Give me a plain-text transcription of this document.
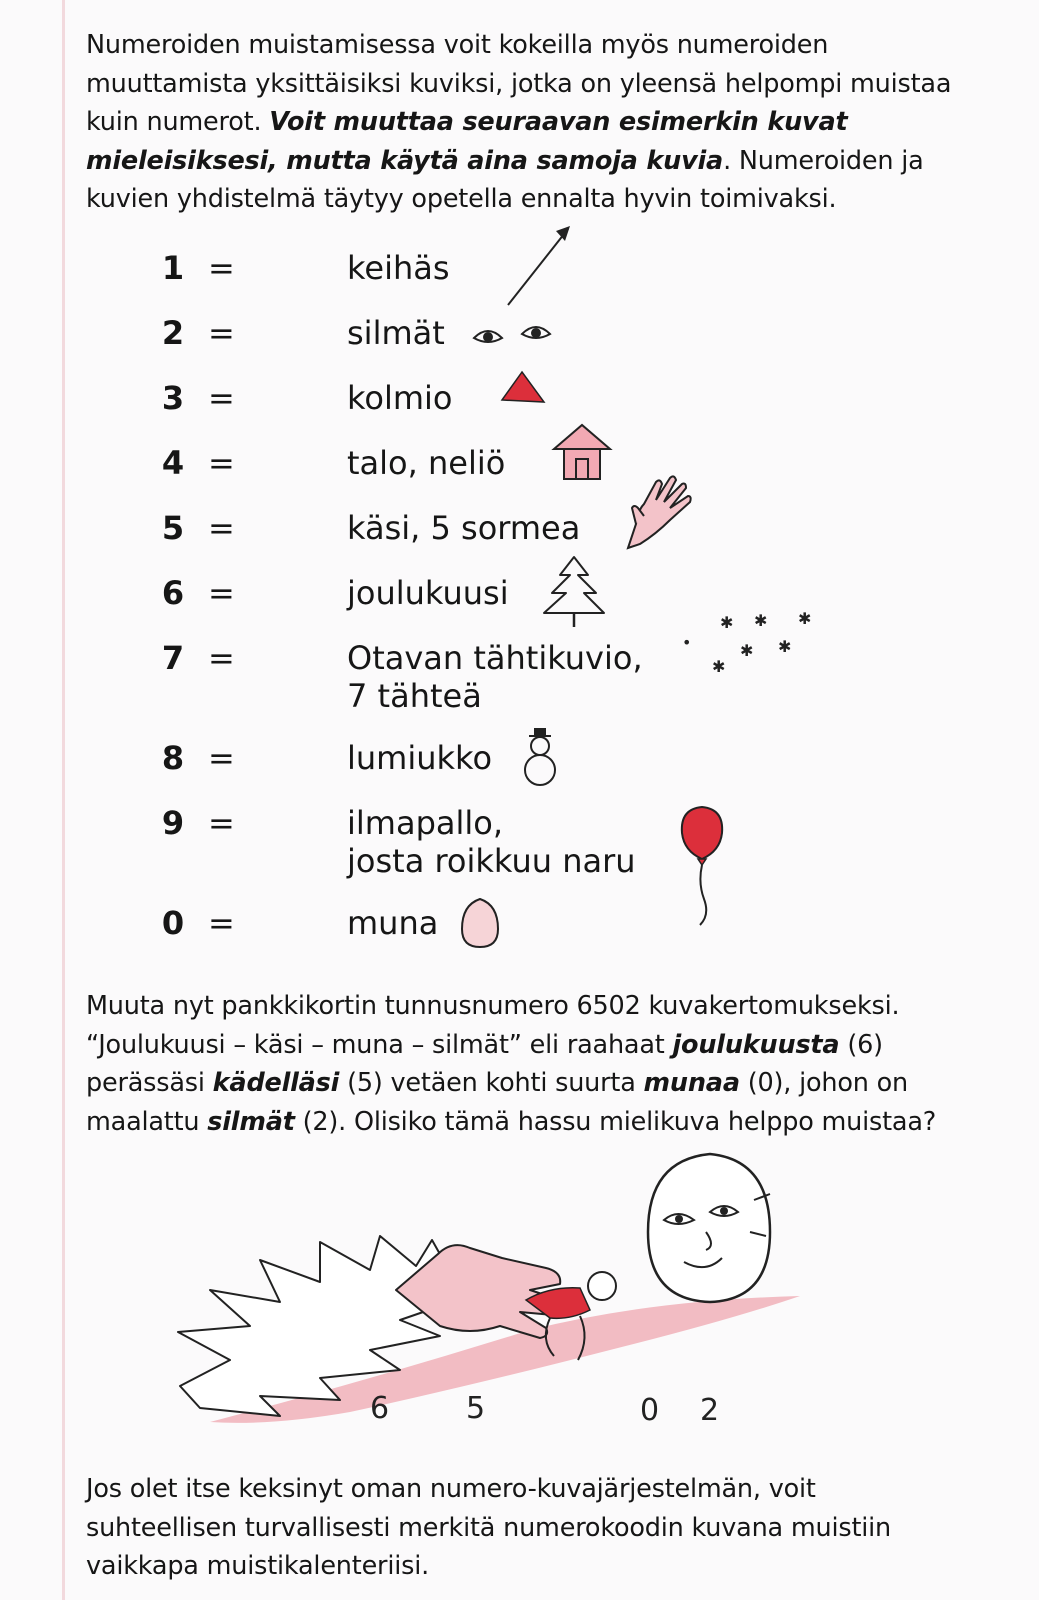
Numeroiden muistamisessa voit kokeilla myös numeroiden muuttamista yksittäisiksi kuviksi, jotka on yleensä helpompi muistaa kuin numerot. Voit muuttaa seuraavan esimerkin kuvat mieleisiksesi, mutta käytä aina samoja kuvia. Numeroiden ja kuvien yhdistelmä täytyy opetella ennalta hyvin toimivaksi.
1 =	keihäs
2 =	silmät
3 =	kolmio
4 =	talo, neliö
5 =	käsi, 5 sormea
6 =	joulukuusi
7 =	Otavan tähtikuvio,
7 tähteä
•
✱ ✱ ✱
✱ ✱
✱
8 =	lumiukko
9 =	ilmapallo,
josta roikkuu naru
0 =	muna
Muuta nyt pankkikortin tunnusnumero 6502 kuvakertomukseksi. “Joulukuusi – käsi – muna – silmät” eli raahaat joulukuusta (6) perässäsi kädelläsi (5) vetäen kohti suurta munaa (0), johon on maalattu silmät (2). Olisiko tämä hassu mielikuva helppo muistaa?
6	5	0 2
Jos olet itse keksinyt oman numero-kuvajärjestelmän, voit suhteellisen turvallisesti merkitä numerokoodin kuvana muistiin vaikkapa muistikalenteriisi.
